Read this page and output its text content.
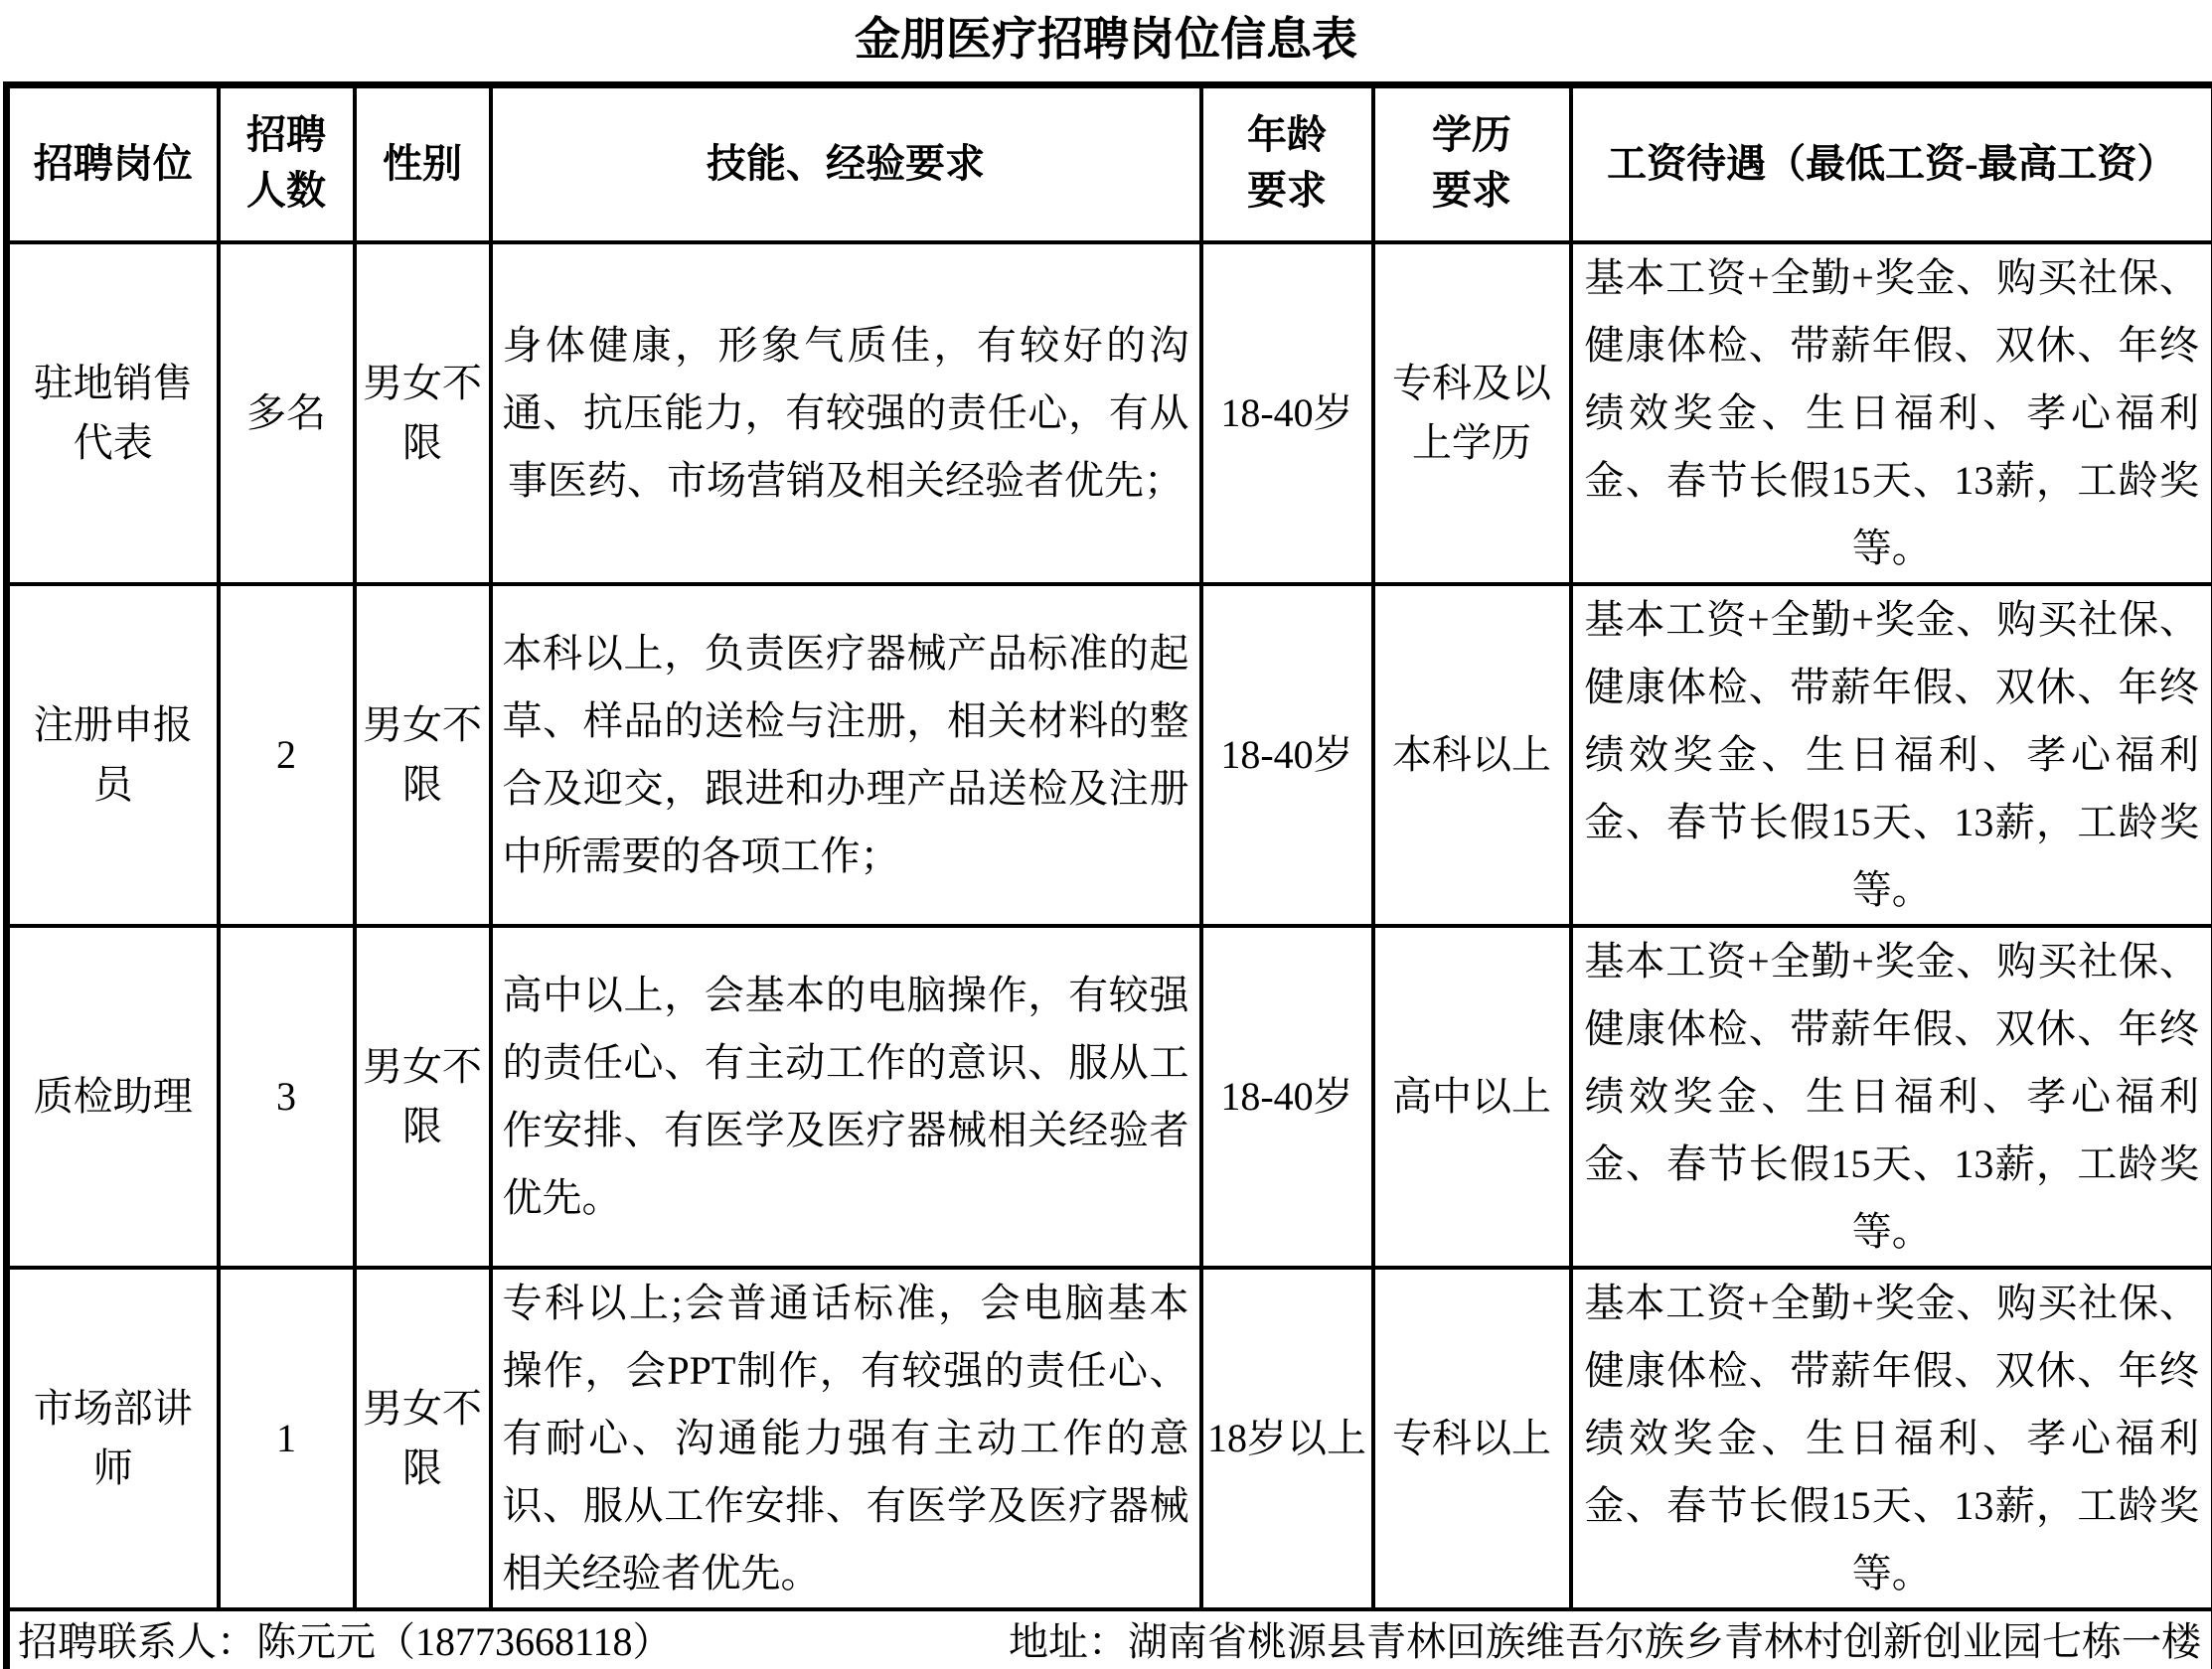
金朋医疗招聘岗位信息表
招聘岗位	招聘人数	性别	技能、经验要求	年龄要求	学历要求	工资待遇（最低工资-最高工资）
驻地销售代表	多名	男女不限	身体健康，形象气质佳，有较好的沟通、抗压能力，有较强的责任心，有从事医药、市场营销及相关经验者优先；	18-40岁	专科及以上学历	基本工资+全勤+奖金、购买社保、健康体检、带薪年假、双休、年终绩效奖金、生日福利、孝心福利金、春节长假15天、13薪，工龄奖等。
注册申报员	2	男女不限	本科以上，负责医疗器械产品标准的起草、样品的送检与注册，相关材料的整合及迎交，跟进和办理产品送检及注册中所需要的各项工作；	18-40岁	本科以上	基本工资+全勤+奖金、购买社保、健康体检、带薪年假、双休、年终绩效奖金、生日福利、孝心福利金、春节长假15天、13薪，工龄奖等。
质检助理	3	男女不限	高中以上，会基本的电脑操作，有较强的责任心、有主动工作的意识、服从工作安排、有医学及医疗器械相关经验者优先。	18-40岁	高中以上	基本工资+全勤+奖金、购买社保、健康体检、带薪年假、双休、年终绩效奖金、生日福利、孝心福利金、春节长假15天、13薪，工龄奖等。
市场部讲师	1	男女不限	专科以上;会普通话标准，会电脑基本操作，会PPT制作，有较强的责任心、有耐心、沟通能力强有主动工作的意识、服从工作安排、有医学及医疗器械相关经验者优先。	18岁以上	专科以上	基本工资+全勤+奖金、购买社保、健康体检、带薪年假、双休、年终绩效奖金、生日福利、孝心福利金、春节长假15天、13薪，工龄奖等。

招聘联系人：陈元元（18773668118） 地址：湖南省桃源县青林回族维吾尔族乡青林村创新创业园七栋一楼						
